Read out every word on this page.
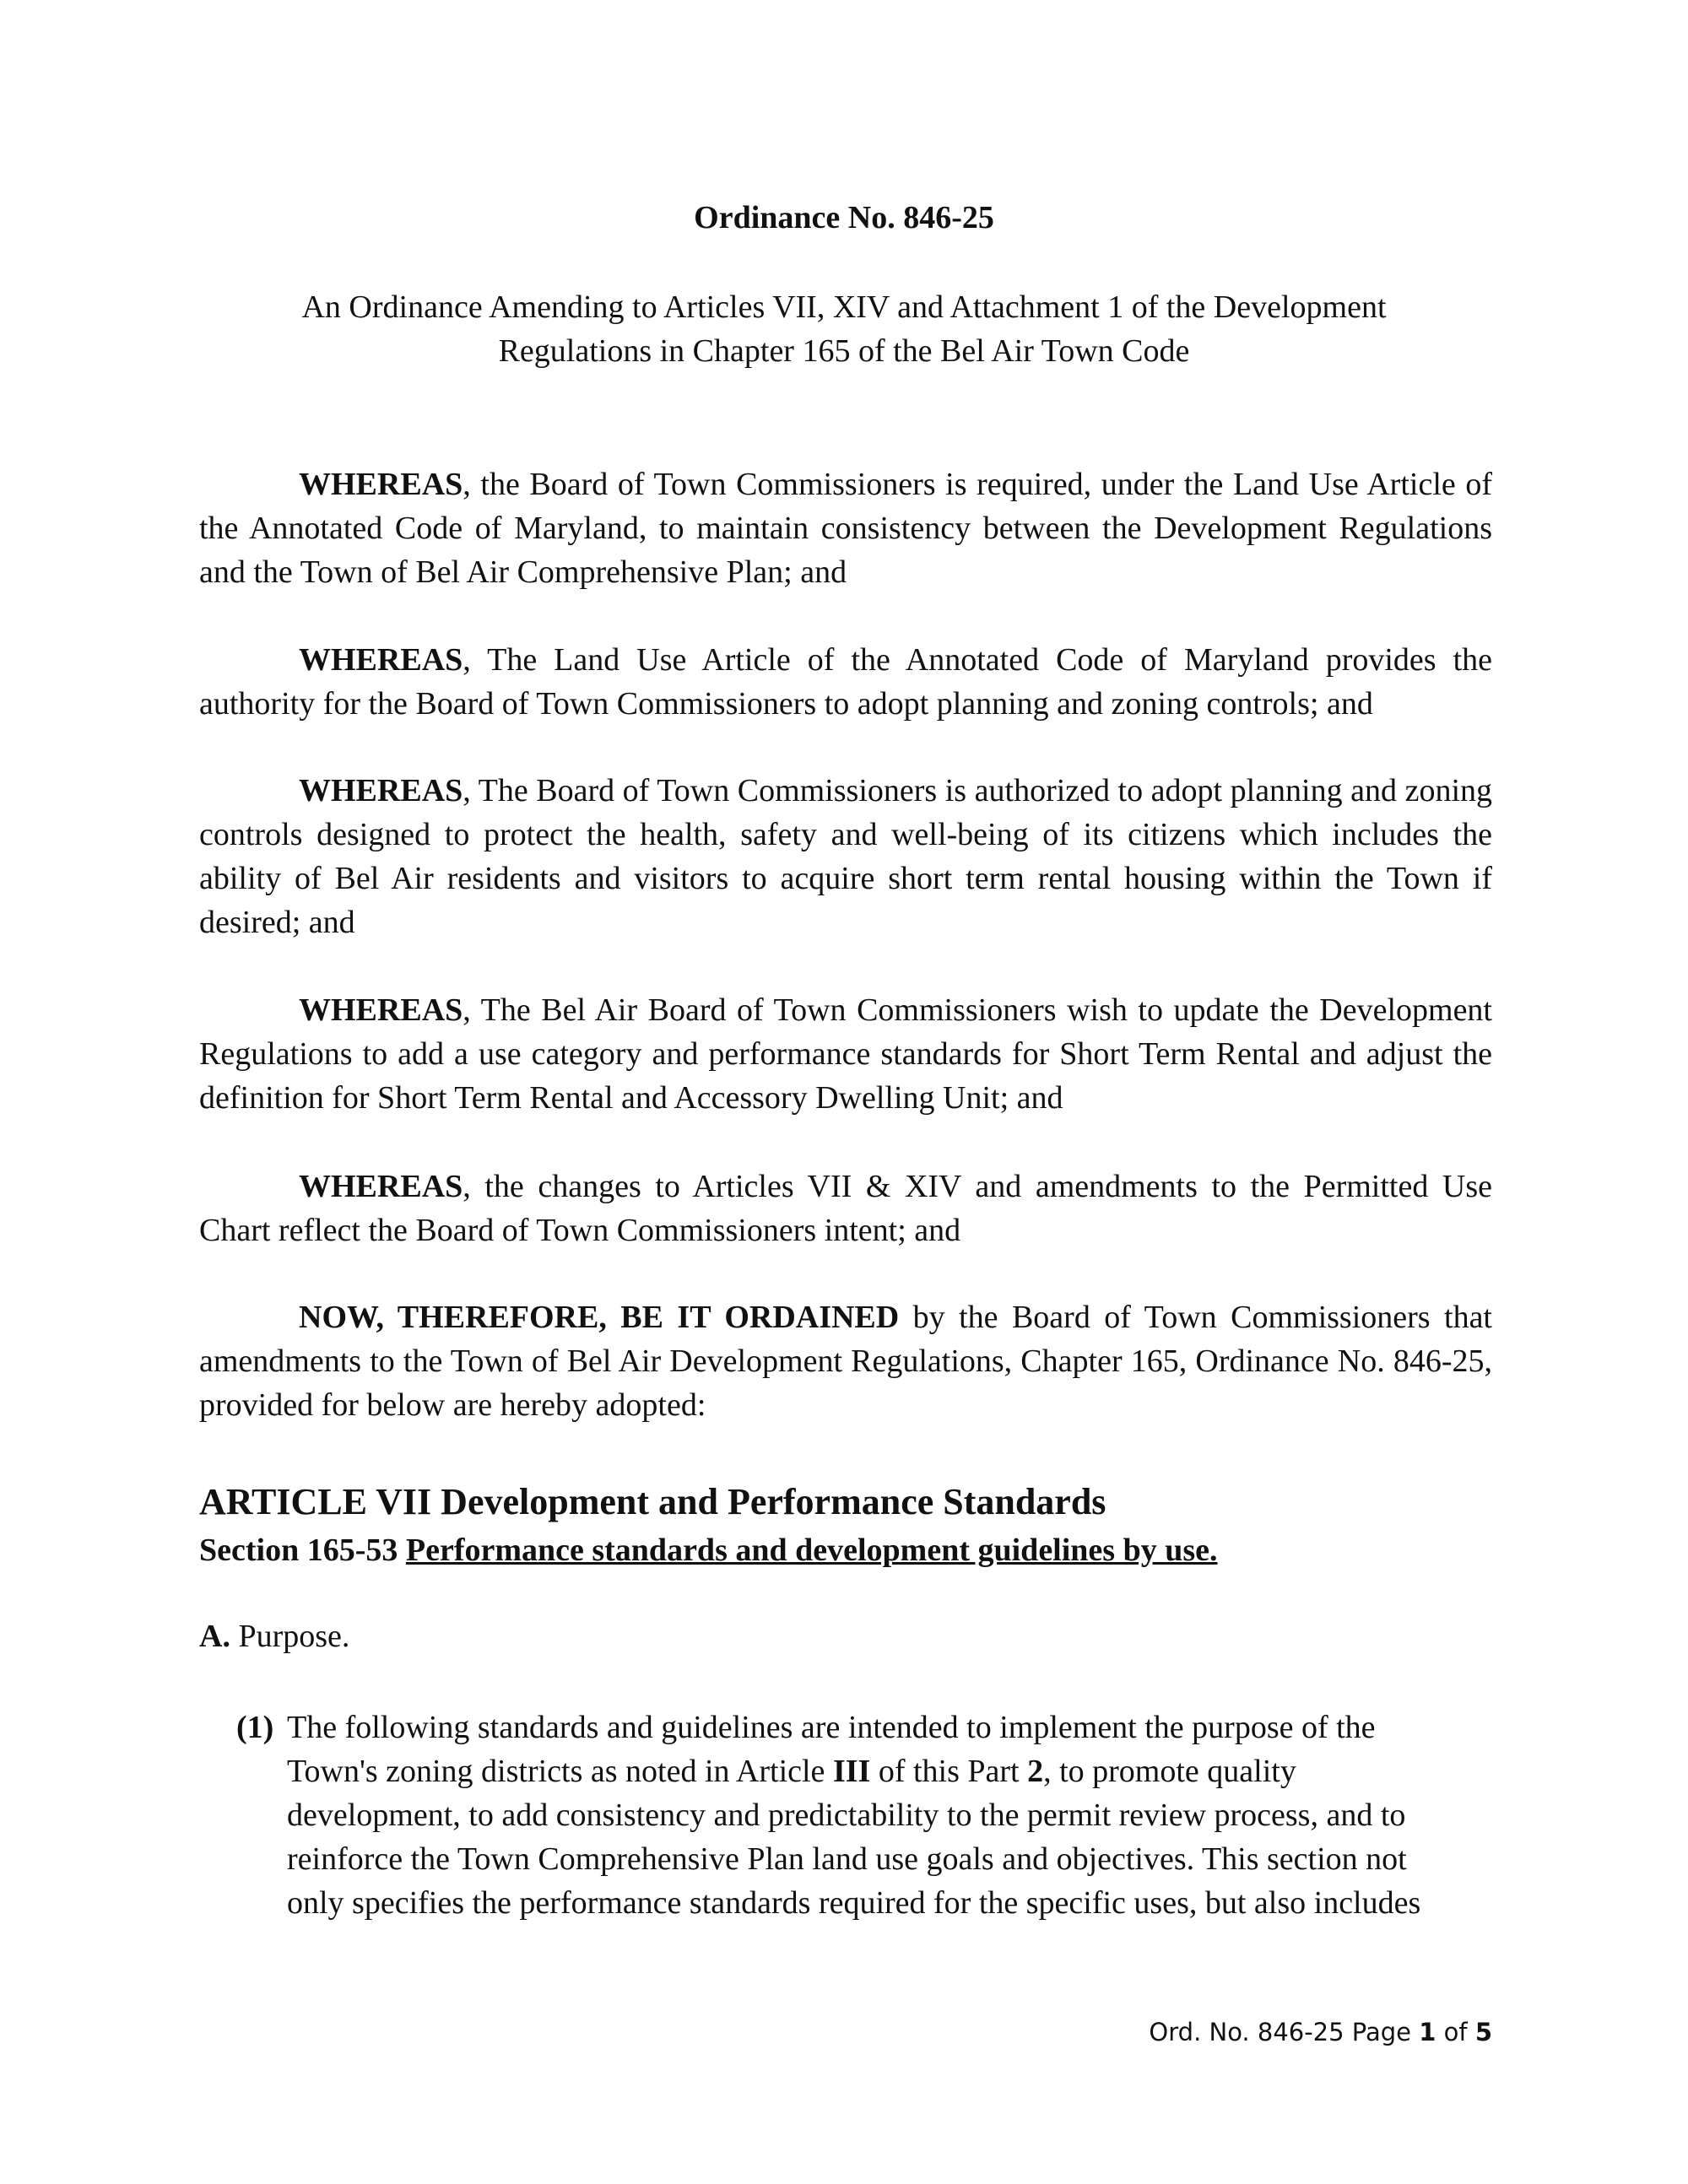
Ordinance No. 846-25
An Ordinance Amending to Articles VII, XIV and Attachment 1 of the Development
Regulations in Chapter 165 of the Bel Air Town Code
WHEREAS, the Board of Town Commissioners is required, under the Land Use Article of the Annotated Code of Maryland, to maintain consistency between the Development Regulations and the Town of Bel Air Comprehensive Plan; and
WHEREAS, The Land Use Article of the Annotated Code of Maryland provides the authority for the Board of Town Commissioners to adopt planning and zoning controls; and
WHEREAS, The Board of Town Commissioners is authorized to adopt planning and zoning controls designed to protect the health, safety and well-being of its citizens which includes the ability of Bel Air residents and visitors to acquire short term rental housing within the Town if desired; and
WHEREAS, The Bel Air Board of Town Commissioners wish to update the Development Regulations to add a use category and performance standards for Short Term Rental and adjust the definition for Short Term Rental and Accessory Dwelling Unit; and
WHEREAS, the changes to Articles VII & XIV and amendments to the Permitted Use Chart reflect the Board of Town Commissioners intent; and
NOW, THEREFORE, BE IT ORDAINED by the Board of Town Commissioners that amendments to the Town of Bel Air Development Regulations, Chapter 165, Ordinance No. 846-25, provided for below are hereby adopted:
ARTICLE VII Development and Performance Standards
Section 165-53 Performance standards and development guidelines by use.
A. Purpose.
(1) The following standards and guidelines are intended to implement the purpose of the Town's zoning districts as noted in Article III of this Part 2, to promote quality development, to add consistency and predictability to the permit review process, and to reinforce the Town Comprehensive Plan land use goals and objectives. This section not only specifies the performance standards required for the specific uses, but also includes
Ord. No. 846-25 Page 1 of 5
